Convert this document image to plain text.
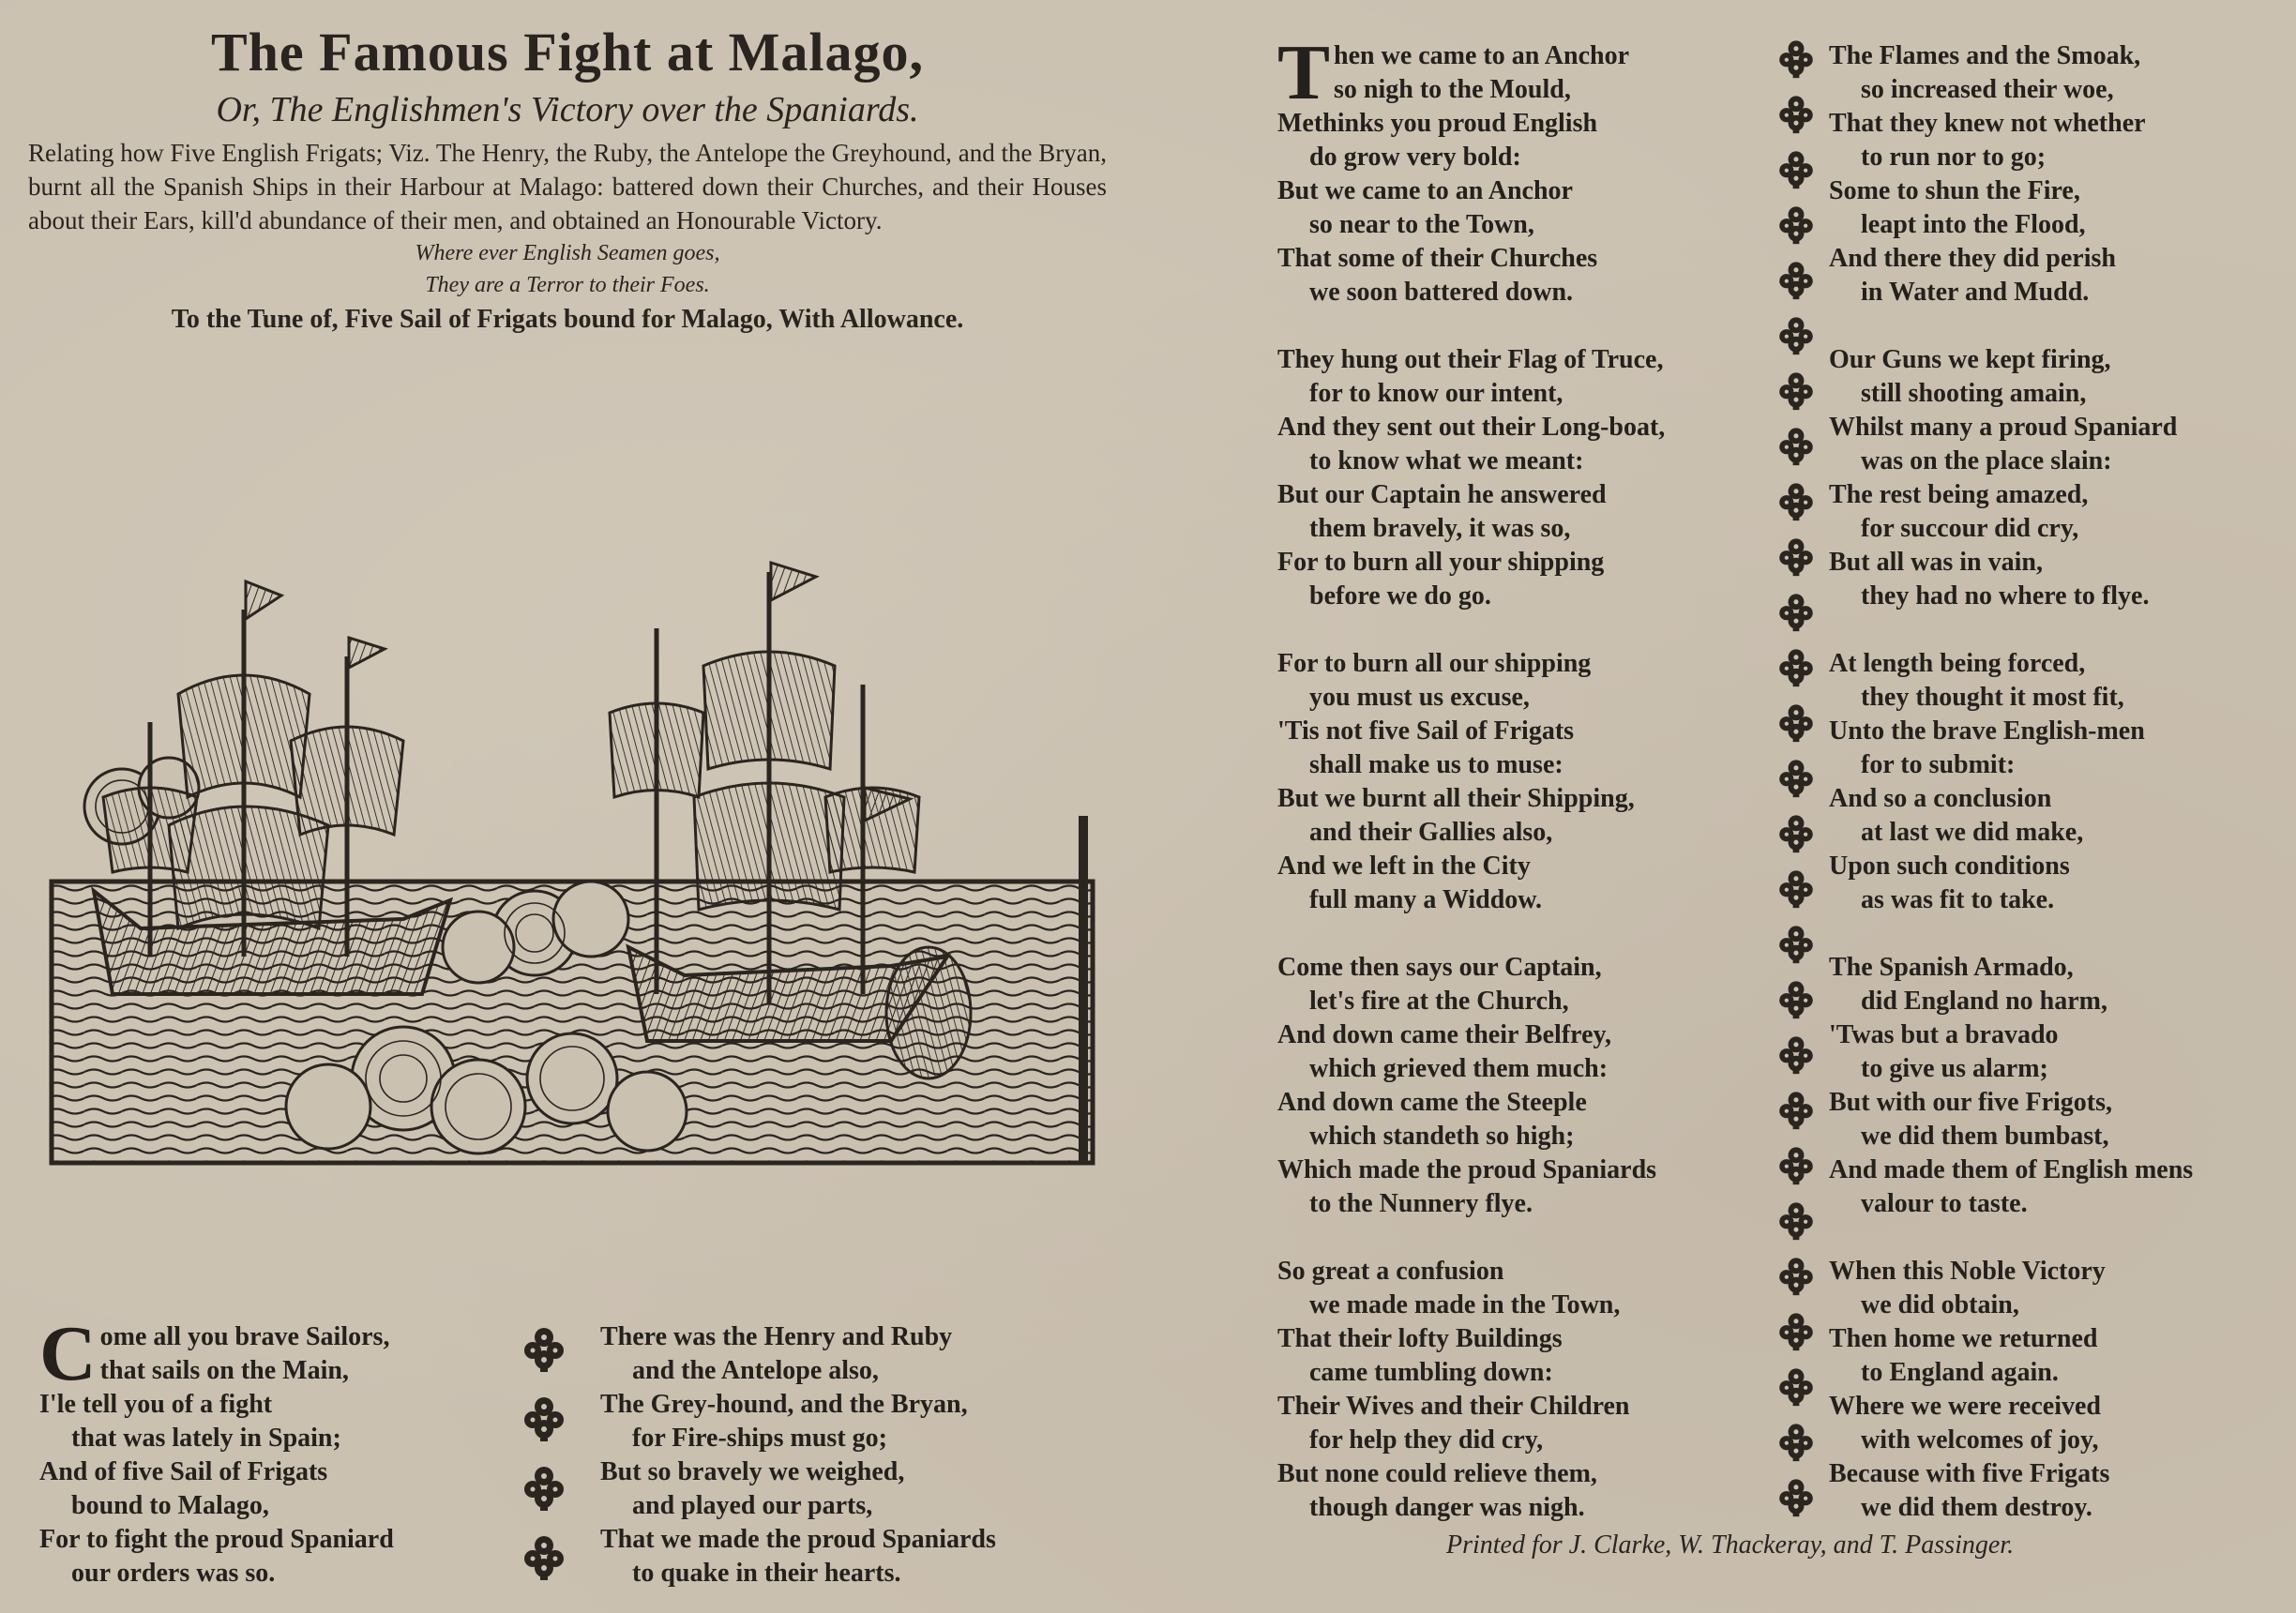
The Famous Fight at Malago,
Or, The Englishmen's Victory over the Spaniards.
Relating how Five English Frigats; Viz. The Henry, the Ruby, the Antelope the Greyhound, and the Bryan, burnt all the Spanish Ships in their Harbour at Malago: battered down their Churches, and their Houses about their Ears, kill'd abundance of their men, and obtained an Honourable Victory.
Where ever English Seamen goes,
They are a Terror to their Foes.
To the Tune of, Five Sail of Frigats bound for Malago, With Allowance.
Come all you brave Sailors,
that sails on the Main,
I'le tell you of a fight
that was lately in Spain;
And of five Sail of Frigats
bound to Malago,
For to fight the proud Spaniard
our orders was so.
There was the Henry and Ruby
and the Antelope also,
The Grey-hound, and the Bryan,
for Fire-ships must go;
But so bravely we weighed,
and played our parts,
That we made the proud Spaniards
to quake in their hearts.
Then we came to an Anchor
so nigh to the Mould,
Methinks you proud English
do grow very bold:
But we came to an Anchor
so near to the Town,
That some of their Churches
we soon battered down.
They hung out their Flag of Truce,
for to know our intent,
And they sent out their Long-boat,
to know what we meant:
But our Captain he answered
them bravely, it was so,
For to burn all your shipping
before we do go.
For to burn all our shipping
you must us excuse,
'Tis not five Sail of Frigats
shall make us to muse:
But we burnt all their Shipping,
and their Gallies also,
And we left in the City
full many a Widdow.
Come then says our Captain,
let's fire at the Church,
And down came their Belfrey,
which grieved them much:
And down came the Steeple
which standeth so high;
Which made the proud Spaniards
to the Nunnery flye.
So great a confusion
we made made in the Town,
That their lofty Buildings
came tumbling down:
Their Wives and their Children
for help they did cry,
But none could relieve them,
though danger was nigh.
The Flames and the Smoak,
so increased their woe,
That they knew not whether
to run nor to go;
Some to shun the Fire,
leapt into the Flood,
And there they did perish
in Water and Mudd.
Our Guns we kept firing,
still shooting amain,
Whilst many a proud Spaniard
was on the place slain:
The rest being amazed,
for succour did cry,
But all was in vain,
they had no where to flye.
At length being forced,
they thought it most fit,
Unto the brave English-men
for to submit:
And so a conclusion
at last we did make,
Upon such conditions
as was fit to take.
The Spanish Armado,
did England no harm,
'Twas but a bravado
to give us alarm;
But with our five Frigots,
we did them bumbast,
And made them of English mens
valour to taste.
When this Noble Victory
we did obtain,
Then home we returned
to England again.
Where we were received
with welcomes of joy,
Because with five Frigats
we did them destroy.
Printed for J. Clarke, W. Thackeray, and T. Passinger.
